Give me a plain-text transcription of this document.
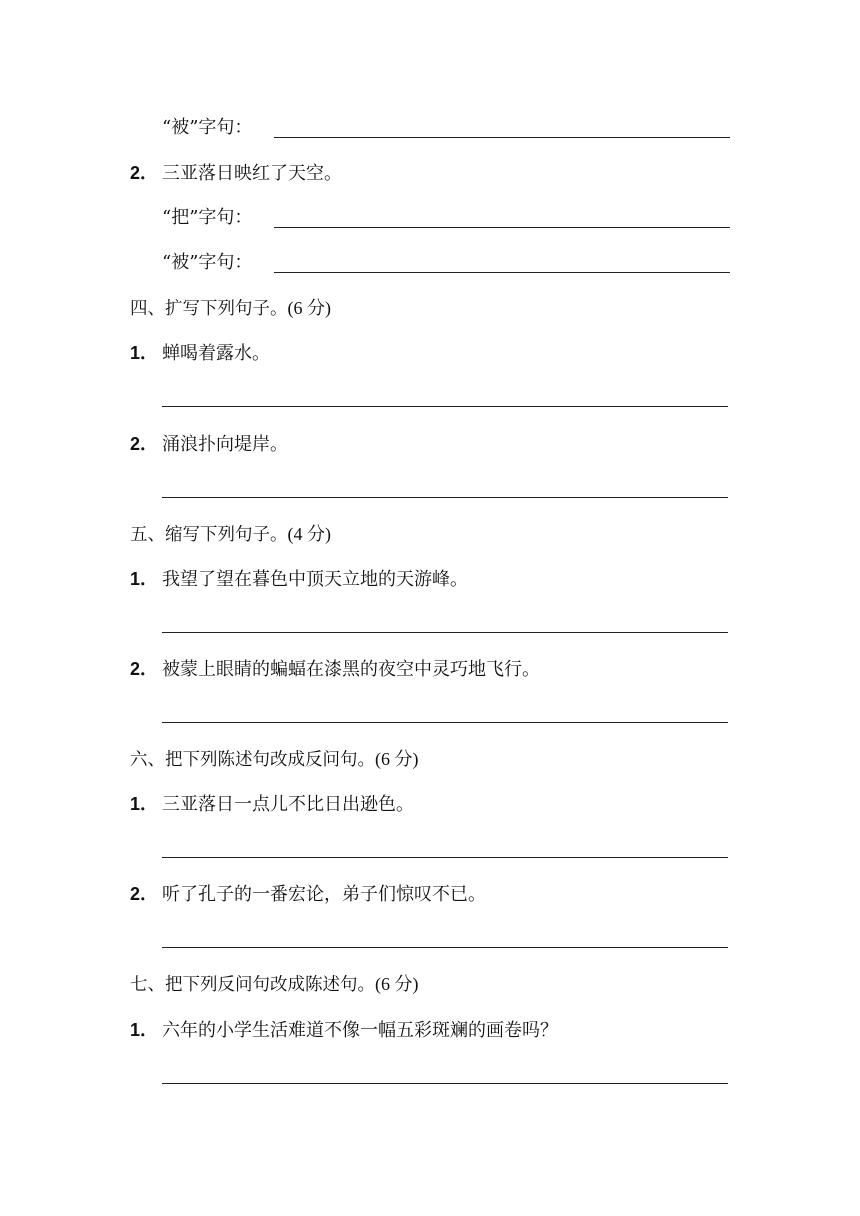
“被”字句：
2． 三亚落日映红了天空。
“把”字句：
“被”字句：
四、扩写下列句子。(6 分)
1． 蝉喝着露水。
2． 涌浪扑向堤岸。
五、缩写下列句子。(4 分)
1． 我望了望在暮色中顶天立地的天游峰。
2． 被蒙上眼睛的蝙蝠在漆黑的夜空中灵巧地飞行。
六、把下列陈述句改成反问句。(6 分)
1． 三亚落日一点儿不比日出逊色。
2． 听了孔子的一番宏论，弟子们惊叹不已。
七、把下列反问句改成陈述句。(6 分)
1． 六年的小学生活难道不像一幅五彩斑斓的画卷吗？
